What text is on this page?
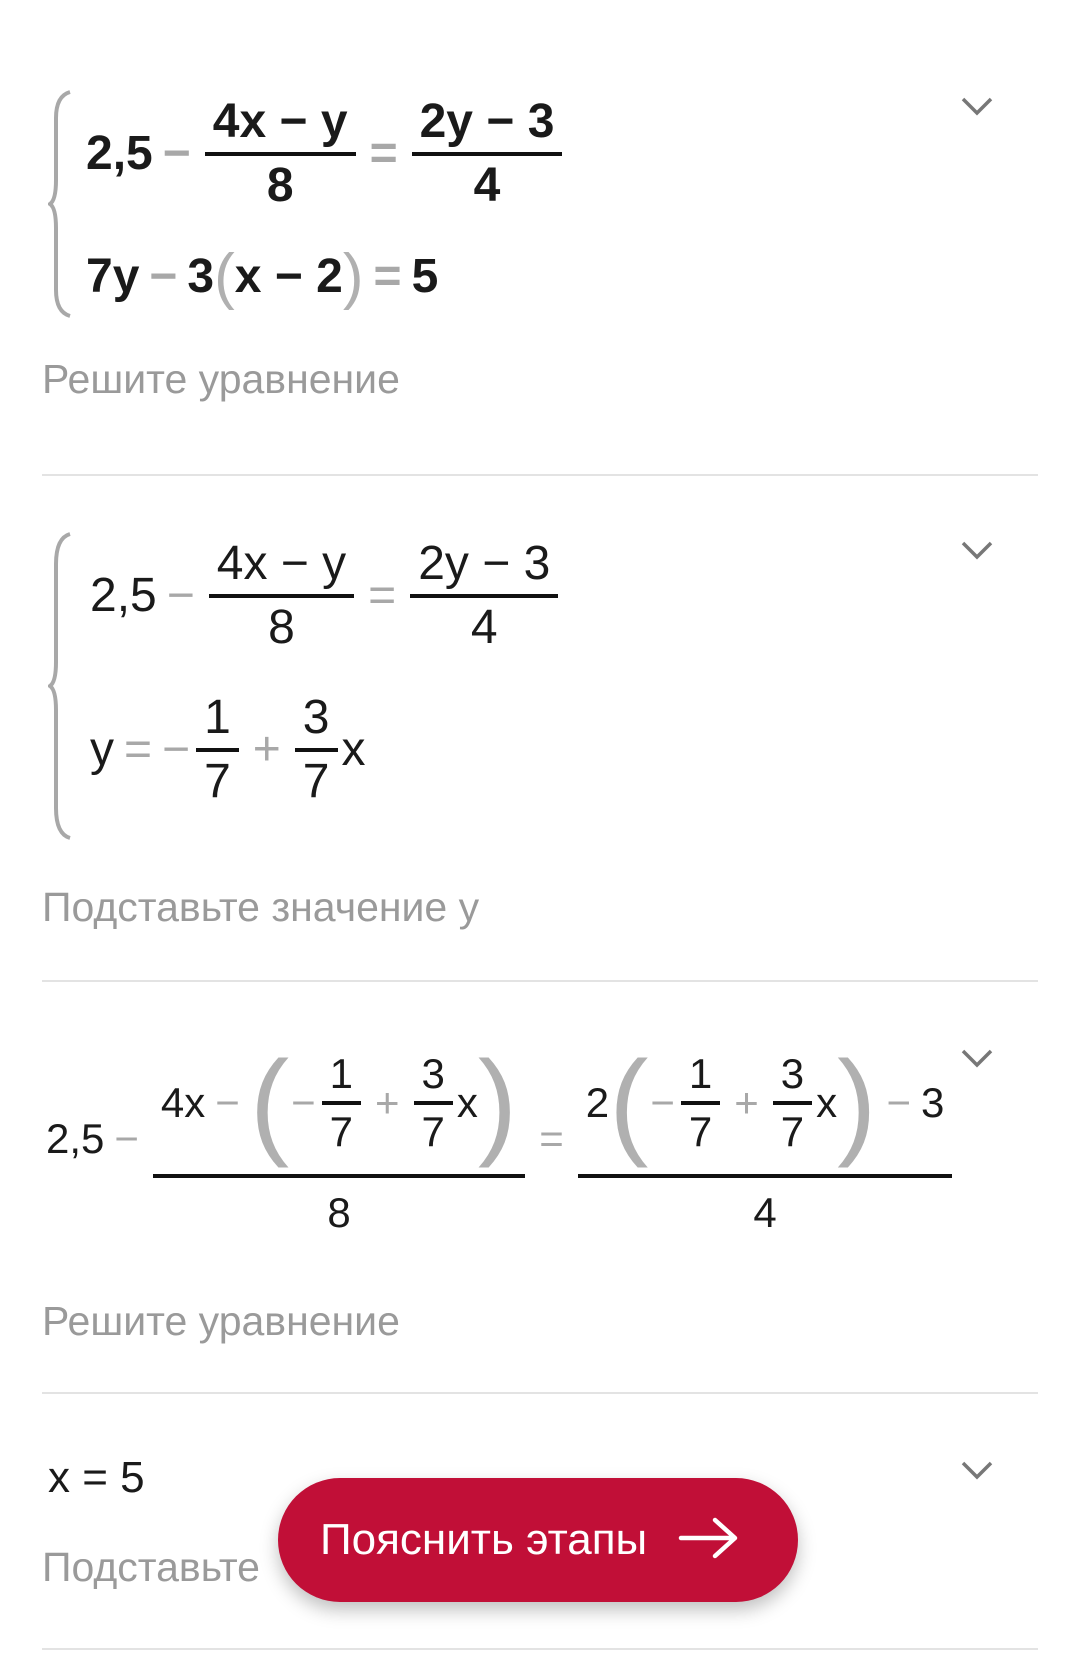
$2,5 - \frac{4x - y}{8} = \frac{2y - 3}{4}$
7y − 3 ( x − 2 ) = 5
Решите уравнение
$2,5 - \frac{4x - y}{8} = \frac{2y - 3}{4}$
y = − $\frac{1}{7} + \frac{3}{7}$ x
Подставьте значение y
2,5 −
4x − ( − $\frac{1}{7} + \frac{3}{7}$ x )
8
=
2 ( − $\frac{1}{7} + \frac{3}{7}$ x ) − 3
4
Решите уравнение
x = 5
Подставьте
Пояснить этапы
